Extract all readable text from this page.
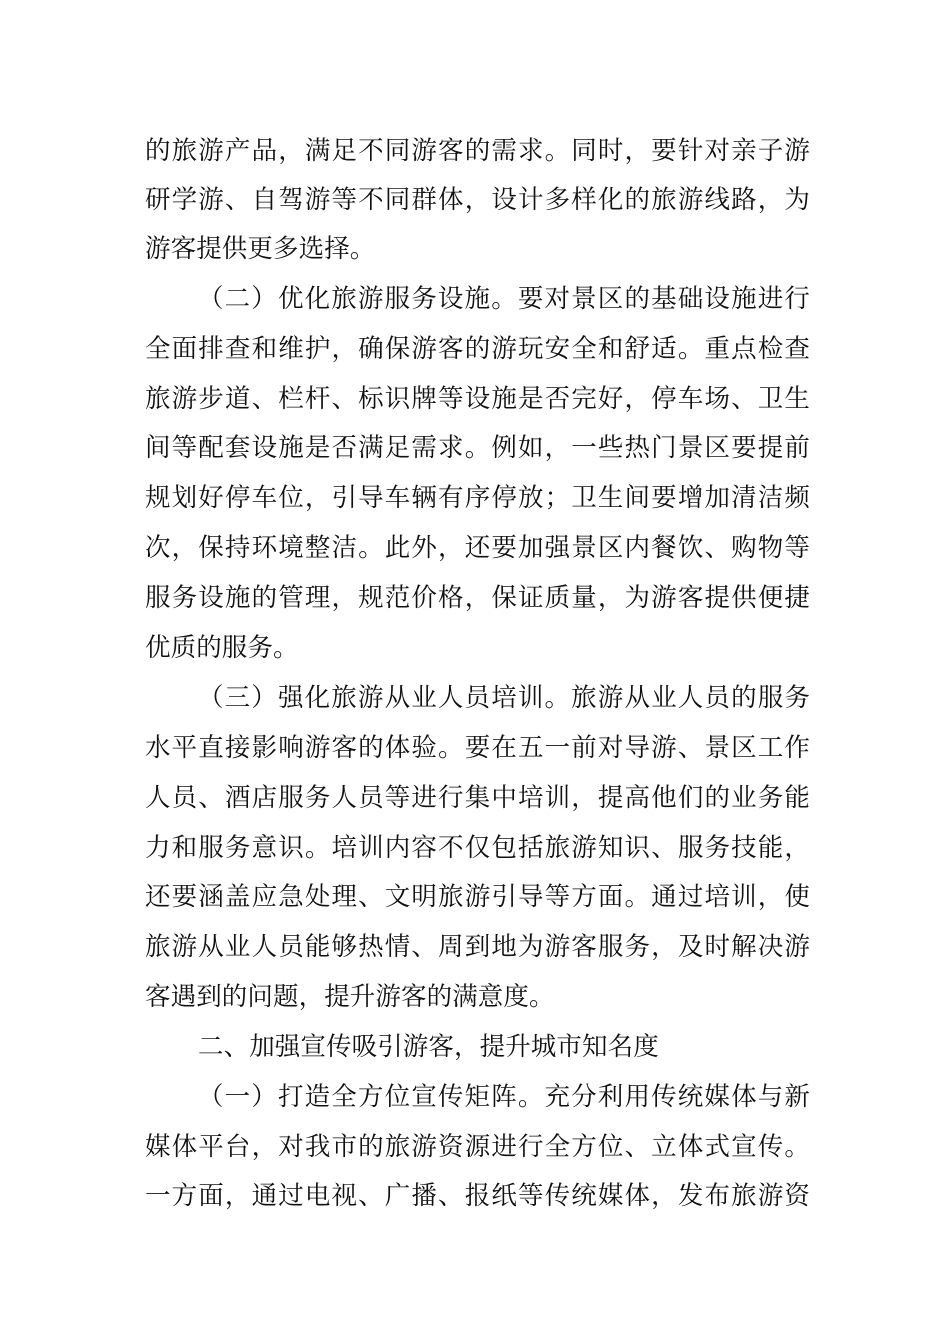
的旅游产品，满足不同游客的需求。同时，要针对亲子游
研学游、自驾游等不同群体，设计多样化的旅游线路，为
游客提供更多选择。
（二）优化旅游服务设施。要对景区的基础设施进行
全面排查和维护，确保游客的游玩安全和舒适。重点检查
旅游步道、栏杆、标识牌等设施是否完好，停车场、卫生
间等配套设施是否满足需求。例如，一些热门景区要提前
规划好停车位，引导车辆有序停放；卫生间要增加清洁频
次，保持环境整洁。此外，还要加强景区内餐饮、购物等
服务设施的管理，规范价格，保证质量，为游客提供便捷
优质的服务。
（三）强化旅游从业人员培训。旅游从业人员的服务
水平直接影响游客的体验。要在五一前对导游、景区工作
人员、酒店服务人员等进行集中培训，提高他们的业务能
力和服务意识。培训内容不仅包括旅游知识、服务技能，
还要涵盖应急处理、文明旅游引导等方面。通过培训，使
旅游从业人员能够热情、周到地为游客服务，及时解决游
客遇到的问题，提升游客的满意度。
二、加强宣传吸引游客，提升城市知名度
（一）打造全方位宣传矩阵。充分利用传统媒体与新
媒体平台，对我市的旅游资源进行全方位、立体式宣传。
一方面，通过电视、广播、报纸等传统媒体，发布旅游资
